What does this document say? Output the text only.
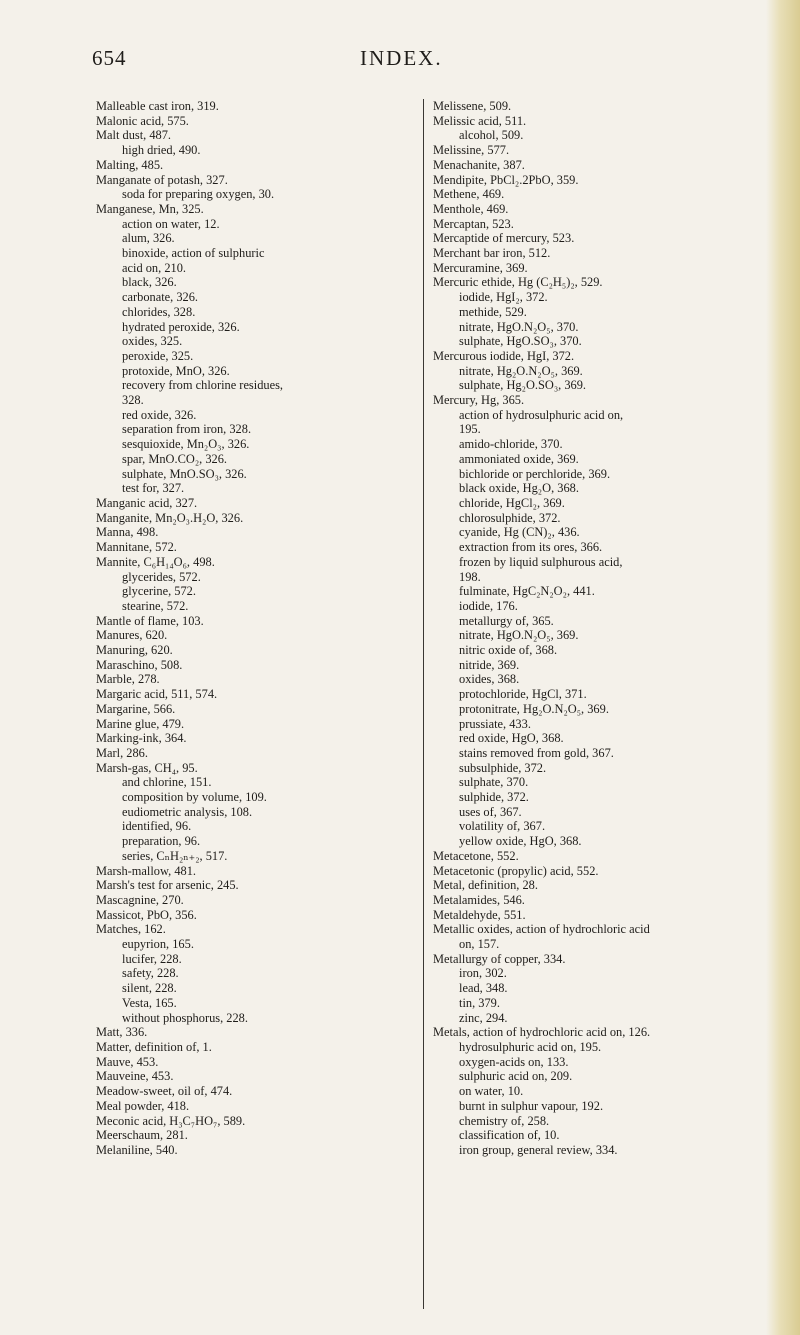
654	INDEX.
Malleable cast iron, 319.
Malonic acid, 575.
Malt dust, 487.
high dried, 490.
Malting, 485.
Manganate of potash, 327.
soda for preparing oxygen, 30.
Manganese, Mn, 325.
action on water, 12.
alum, 326.
binoxide, action of sulphuric
acid on, 210.
black, 326.
carbonate, 326.
chlorides, 328.
hydrated peroxide, 326.
oxides, 325.
peroxide, 325.
protoxide, MnO, 326.
recovery from chlorine residues,
328.
red oxide, 326.
separation from iron, 328.
sesquioxide, Mn₂O₃, 326.
spar, MnO.CO₂, 326.
sulphate, MnO.SO₃, 326.
test for, 327.
Manganic acid, 327.
Manganite, Mn₂O₃.H₂O, 326.
Manna, 498.
Mannitane, 572.
Mannite, C₆H₁₄O₆, 498.
glycerides, 572.
glycerine, 572.
stearine, 572.
Mantle of flame, 103.
Manures, 620.
Manuring, 620.
Maraschino, 508.
Marble, 278.
Margaric acid, 511, 574.
Margarine, 566.
Marine glue, 479.
Marking-ink, 364.
Marl, 286.
Marsh-gas, CH₄, 95.
and chlorine, 151.
composition by volume, 109.
eudiometric analysis, 108.
identified, 96.
preparation, 96.
series, CₙH₂ₙ₊₂, 517.
Marsh-mallow, 481.
Marsh's test for arsenic, 245.
Mascagnine, 270.
Massicot, PbO, 356.
Matches, 162.
eupyrion, 165.
lucifer, 228.
safety, 228.
silent, 228.
Vesta, 165.
without phosphorus, 228.
Matt, 336.
Matter, definition of, 1.
Mauve, 453.
Mauveine, 453.
Meadow-sweet, oil of, 474.
Meal powder, 418.
Meconic acid, H₃C₇HO₇, 589.
Meerschaum, 281.
Melaniline, 540.
Melissene, 509.
Melissic acid, 511.
alcohol, 509.
Melissine, 577.
Menachanite, 387.
Mendipite, PbCl₂.2PbO, 359.
Methene, 469.
Menthole, 469.
Mercaptan, 523.
Mercaptide of mercury, 523.
Merchant bar iron, 512.
Mercuramine, 369.
Mercuric ethide, Hg (C₂H₅)₂, 529.
iodide, HgI₂, 372.
methide, 529.
nitrate, HgO.N₂O₅, 370.
sulphate, HgO.SO₃, 370.
Mercurous iodide, HgI, 372.
nitrate, Hg₂O.N₂O₅, 369.
sulphate, Hg₂O.SO₃, 369.
Mercury, Hg, 365.
action of hydrosulphuric acid on,
195.
amido-chloride, 370.
ammoniated oxide, 369.
bichloride or perchloride, 369.
black oxide, Hg₂O, 368.
chloride, HgCl₂, 369.
chlorosulphide, 372.
cyanide, Hg (CN)₂, 436.
extraction from its ores, 366.
frozen by liquid sulphurous acid,
198.
fulminate, HgC₂N₂O₂, 441.
iodide, 176.
metallurgy of, 365.
nitrate, HgO.N₂O₅, 369.
nitric oxide of, 368.
nitride, 369.
oxides, 368.
protochloride, HgCl, 371.
protonitrate, Hg₂O.N₂O₅, 369.
prussiate, 433.
red oxide, HgO, 368.
stains removed from gold, 367.
subsulphide, 372.
sulphate, 370.
sulphide, 372.
uses of, 367.
volatility of, 367.
yellow oxide, HgO, 368.
Metacetone, 552.
Metacetonic (propylic) acid, 552.
Metal, definition, 28.
Metalamides, 546.
Metaldehyde, 551.
Metallic oxides, action of hydrochloric acid
on, 157.
Metallurgy of copper, 334.
iron, 302.
lead, 348.
tin, 379.
zinc, 294.
Metals, action of hydrochloric acid on, 126.
hydrosulphuric acid on, 195.
oxygen-acids on, 133.
sulphuric acid on, 209.
on water, 10.
burnt in sulphur vapour, 192.
chemistry of, 258.
classification of, 10.
iron group, general review, 334.
